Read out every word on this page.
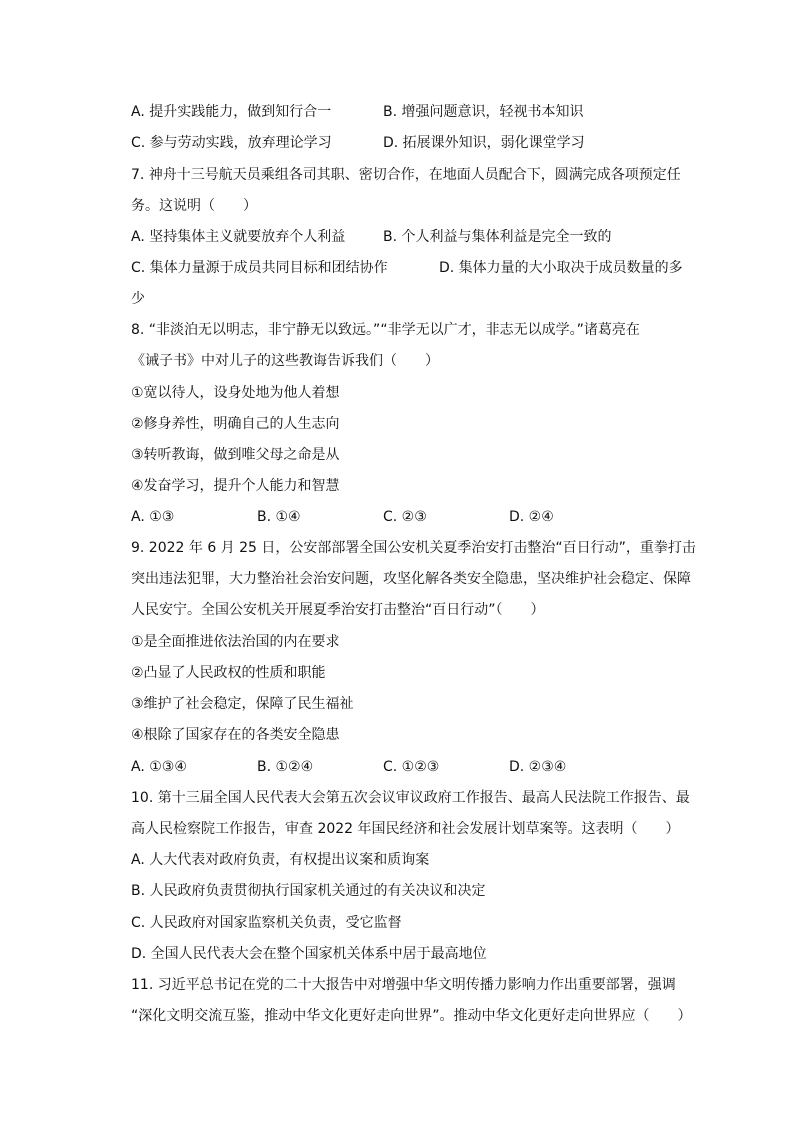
A. 提升实践能力，做到知行合一	B. 增强问题意识，轻视书本知识
C. 参与劳动实践，放弃理论学习	D. 拓展课外知识，弱化课堂学习
7. 神舟十三号航天员乘组各司其职、密切合作，在地面人员配合下，圆满完成各项预定任
务。这说明（　　）
A. 坚持集体主义就要放弃个人利益	B. 个人利益与集体利益是完全一致的
C. 集体力量源于成员共同目标和团结协作	D. 集体力量的大小取决于成员数量的多
少
8. “非淡泊无以明志，非宁静无以致远。”“非学无以广才，非志无以成学。”诸葛亮在
《诫子书》中对儿子的这些教诲告诉我们（　　）
①宽以待人，设身处地为他人着想
②修身养性，明确自己的人生志向
③转听教诲，做到唯父母之命是从
④发奋学习，提升个人能力和智慧
A. ①③	B. ①④	C. ②③	D. ②④
9. 2022 年 6 月 25 日，公安部部署全国公安机关夏季治安打击整治“百日行动”，重拳打击
突出违法犯罪，大力整治社会治安问题，攻坚化解各类安全隐患，坚决维护社会稳定、保障
人民安宁。全国公安机关开展夏季治安打击整治“百日行动”（　　）
①是全面推进依法治国的内在要求
②凸显了人民政权的性质和职能
③维护了社会稳定，保障了民生福祉
④根除了国家存在的各类安全隐患
A. ①③④	B. ①②④	C. ①②③	D. ②③④
10. 第十三届全国人民代表大会第五次会议审议政府工作报告、最高人民法院工作报告、最
高人民检察院工作报告，审查 2022 年国民经济和社会发展计划草案等。这表明（　　）
A. 人大代表对政府负责，有权提出议案和质询案
B. 人民政府负责贯彻执行国家机关通过的有关决议和决定
C. 人民政府对国家监察机关负责，受它监督
D. 全国人民代表大会在整个国家机关体系中居于最高地位
11. 习近平总书记在党的二十大报告中对增强中华文明传播力影响力作出重要部署，强调
“深化文明交流互鉴，推动中华文化更好走向世界”。推动中华文化更好走向世界应（　　）
